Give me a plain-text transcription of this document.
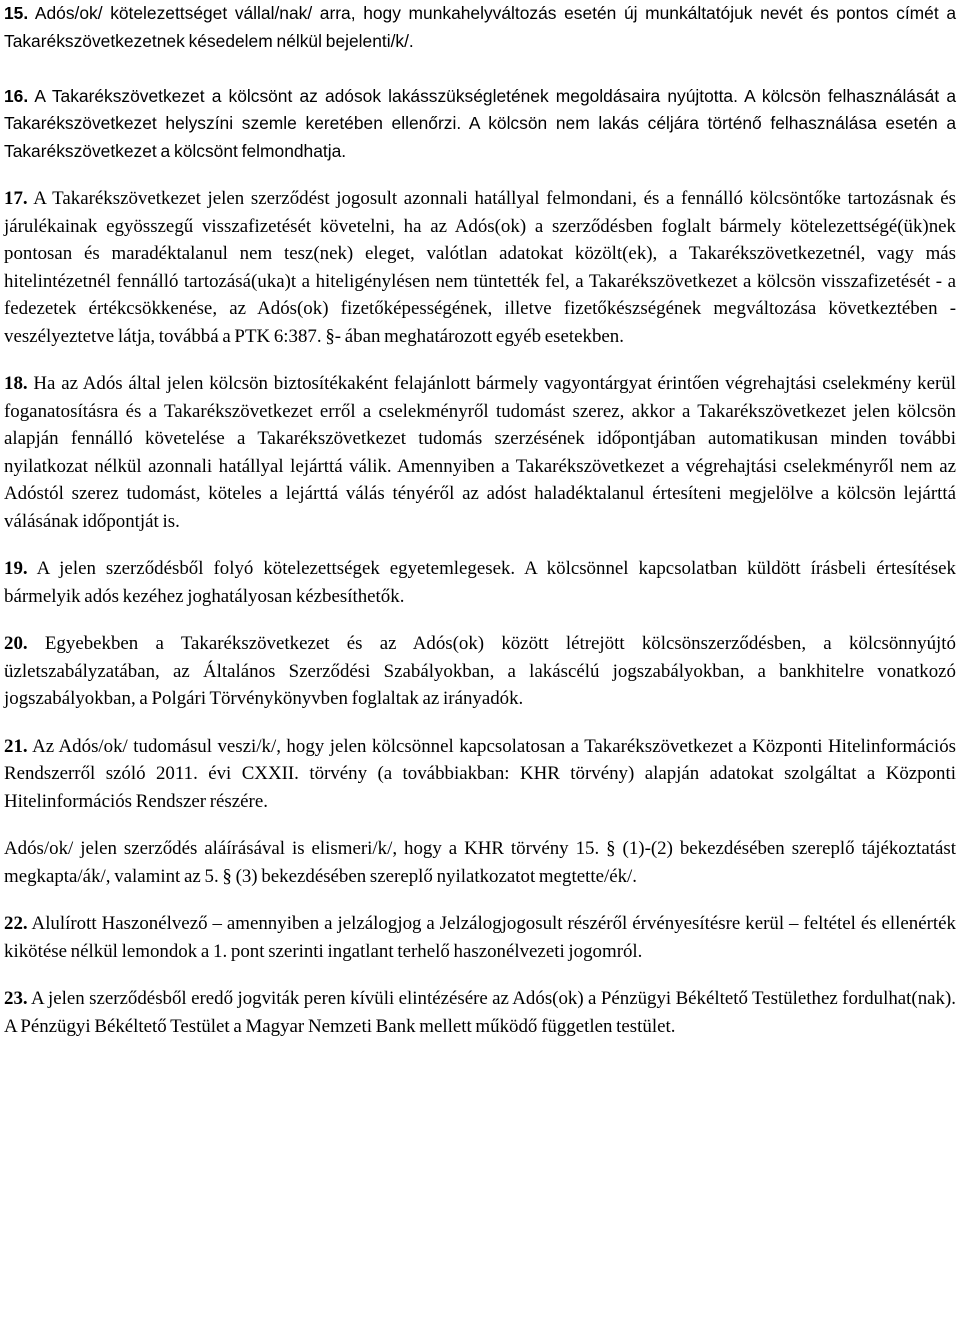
15. Adós/ok/ kötelezettséget vállal/nak/ arra, hogy munkahelyváltozás esetén új munkáltatójuk nevét és pontos címét a Takarékszövetkezetnek késedelem nélkül bejelenti/k/.

16. A Takarékszövetkezet a kölcsönt az adósok lakásszükségletének megoldásaira nyújtotta. A kölcsön felhasználását a Takarékszövetkezet helyszíni szemle keretében ellenőrzi. A kölcsön nem lakás céljára történő felhasználása esetén a Takarékszövetkezet a kölcsönt felmondhatja.

17. A Takarékszövetkezet jelen szerződést jogosult azonnali hatállyal felmondani, és a fennálló kölcsöntőke tartozásnak és járulékainak egyösszegű visszafizetését követelni, ha az Adós(ok) a szerződésben foglalt bármely kötelezettségé(ük)nek pontosan és maradéktalanul nem tesz(nek) eleget, valótlan adatokat közölt(ek), a Takarékszövetkezetnél, vagy más hitelintézetnél fennálló tartozásá(uka)t a hiteligénylésen nem tüntették fel, a Takarékszövetkezet a kölcsön visszafizetését - a fedezetek értékcsökkenése, az Adós(ok) fizetőképességének, illetve fizetőkészségének megváltozása következtében - veszélyeztetve látja, továbbá a PTK 6:387. §- ában meghatározott egyéb esetekben.

18. Ha az Adós által jelen kölcsön biztosítékaként felajánlott bármely vagyontárgyat érintően végrehajtási cselekmény kerül foganatosításra és a Takarékszövetkezet erről a cselekményről tudomást szerez, akkor a Takarékszövetkezet jelen kölcsön alapján fennálló követelése a Takarékszövetkezet tudomás szerzésének időpontjában automatikusan minden további nyilatkozat nélkül azonnali hatállyal lejárttá válik. Amennyiben a Takarékszövetkezet a végrehajtási cselekményről nem az Adóstól szerez tudomást, köteles a lejárttá válás tényéről az adóst haladéktalanul értesíteni megjelölve a kölcsön lejárttá válásának időpontját is.

19. A jelen szerződésből folyó kötelezettségek egyetemlegesek. A kölcsönnel kapcsolatban küldött írásbeli értesítések bármelyik adós kezéhez joghatályosan kézbesíthetők.

20. Egyebekben a Takarékszövetkezet és az Adós(ok) között létrejött kölcsönszerződésben, a kölcsönnyújtó üzletszabályzatában, az Általános Szerződési Szabályokban, a lakáscélú jogszabályokban, a bankhitelre vonatkozó jogszabályokban, a Polgári Törvénykönyvben foglaltak az irányadók.

21. Az Adós/ok/ tudomásul veszi/k/, hogy jelen kölcsönnel kapcsolatosan a Takarékszövetkezet a Központi Hitelinformációs Rendszerről szóló 2011. évi CXXII. törvény (a továbbiakban: KHR törvény) alapján adatokat szolgáltat a Központi Hitelinformációs Rendszer részére.

Adós/ok/ jelen szerződés aláírásával is elismeri/k/, hogy a KHR törvény 15. § (1)-(2) bekezdésében szereplő tájékoztatást megkapta/ák/, valamint az 5. § (3) bekezdésében szereplő nyilatkozatot megtette/ék/.

22. Alulírott Haszonélvező – amennyiben a jelzálogjog a Jelzálogjogosult részéről érvényesítésre kerül – feltétel és ellenérték kikötése nélkül lemondok a 1. pont szerinti ingatlant terhelő haszonélvezeti jogomról.

23. A jelen szerződésből eredő jogviták peren kívüli elintézésére az Adós(ok) a Pénzügyi Békéltető Testülethez fordulhat(nak). A Pénzügyi Békéltető Testület a Magyar Nemzeti Bank mellett működő független testület.
